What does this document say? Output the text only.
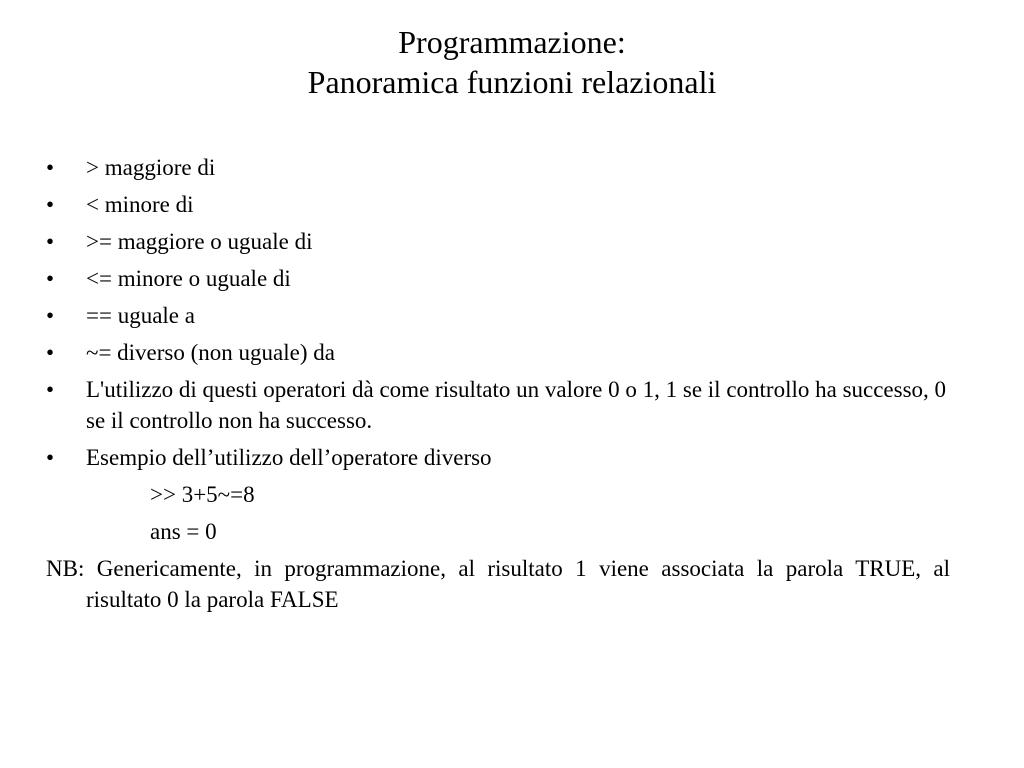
Programmazione:
Panoramica funzioni relazionali
• > maggiore di
• < minore di
• >= maggiore o uguale di
• <= minore o uguale di
• == uguale a
• ~= diverso (non uguale) da
• L'utilizzo di questi operatori dà come risultato un valore 0 o 1, 1 se il controllo ha successo, 0 se il controllo non ha successo.
• Esempio dell’utilizzo dell’operatore diverso
>> 3+5~=8
ans = 0
NB: Genericamente, in programmazione, al risultato 1 viene associata la parola TRUE, al risultato 0 la parola FALSE
